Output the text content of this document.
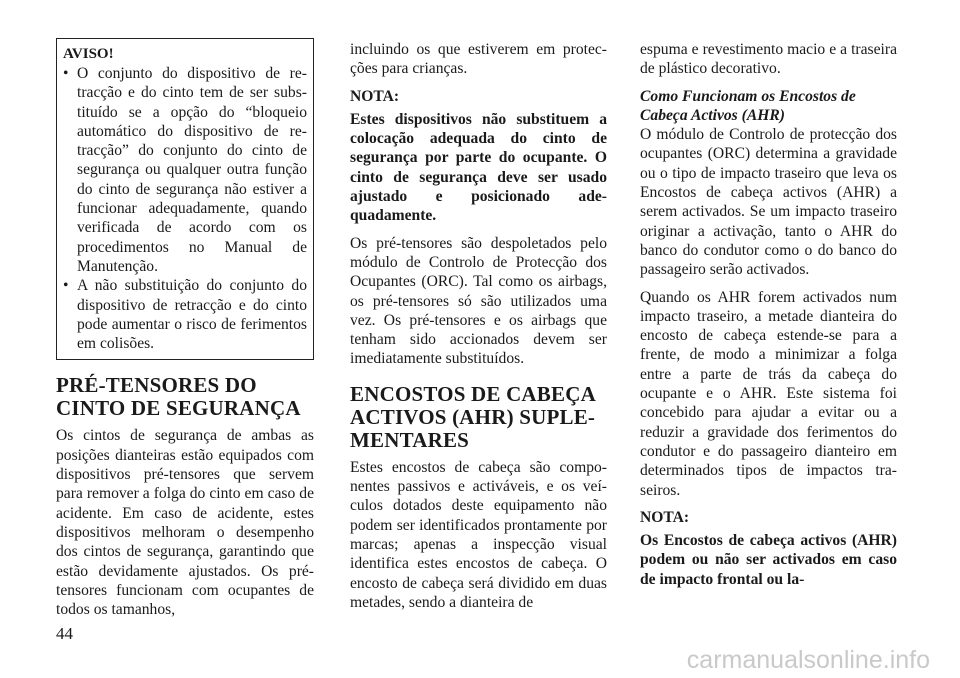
AVISO!
• O conjunto do dispositivo de retracção e do cinto tem de ser substituído se a opção do “bloqueio automático do dispositivo de retracção” do conjunto do cinto de segurança ou qualquer outra função do cinto de segurança não estiver a funcionar adequadamente, quando verificada de acordo com os procedimentos no Manual de Manutenção.
• A não substituição do conjunto do dispositivo de retracção e do cinto pode aumentar o risco de ferimentos em colisões.
PRÉ-TENSORES DO CINTO DE SEGURANÇA

Os cintos de segurança de ambas as posições dianteiras estão equipados com dispositivos pré-tensores que servem para remover a folga do cinto em caso de acidente. Em caso de acidente, estes dispositivos melhoram o desempenho dos cintos de segurança, garantindo que estão devidamente ajustados. Os pré-tensores funcionam com ocupantes de todos os tamanhos,

incluindo os que estiverem em protecções para crianças.

NOTA:

Estes dispositivos não substituem a colocação adequada do cinto de segurança por parte do ocupante. O cinto de segurança deve ser usado ajustado e posicionado adequadamente.

Os pré-tensores são despoletados pelo módulo de Controlo de Protecção dos Ocupantes (ORC). Tal como os airbags, os pré-tensores só são utilizados uma vez. Os pré-tensores e os airbags que tenham sido accionados devem ser imediatamente substituídos.

ENCOSTOS DE CABEÇA ACTIVOS (AHR) SUPLEMENTARES

Estes encostos de cabeça são componentes passivos e activáveis, e os veículos dotados deste equipamento não podem ser identificados prontamente por marcas; apenas a inspecção visual identifica estes encostos de cabeça. O encosto de cabeça será dividido em duas metades, sendo a dianteira de

espuma e revestimento macio e a traseira de plástico decorativo.

Como Funcionam os Encostos de Cabeça Activos (AHR)

O módulo de Controlo de protecção dos ocupantes (ORC) determina a gravidade ou o tipo de impacto traseiro que leva os Encostos de cabeça activos (AHR) a serem activados. Se um impacto traseiro originar a activação, tanto o AHR do banco do condutor como o do banco do passageiro serão activados.

Quando os AHR forem activados num impacto traseiro, a metade dianteira do encosto de cabeça estende-se para a frente, de modo a minimizar a folga entre a parte de trás da cabeça do ocupante e o AHR. Este sistema foi concebido para ajudar a evitar ou a reduzir a gravidade dos ferimentos do condutor e do passageiro dianteiro em determinados tipos de impactos traseiros.

NOTA:

Os Encostos de cabeça activos (AHR) podem ou não ser activados em caso de impacto frontal ou la-

44
carmanualsonline.info
